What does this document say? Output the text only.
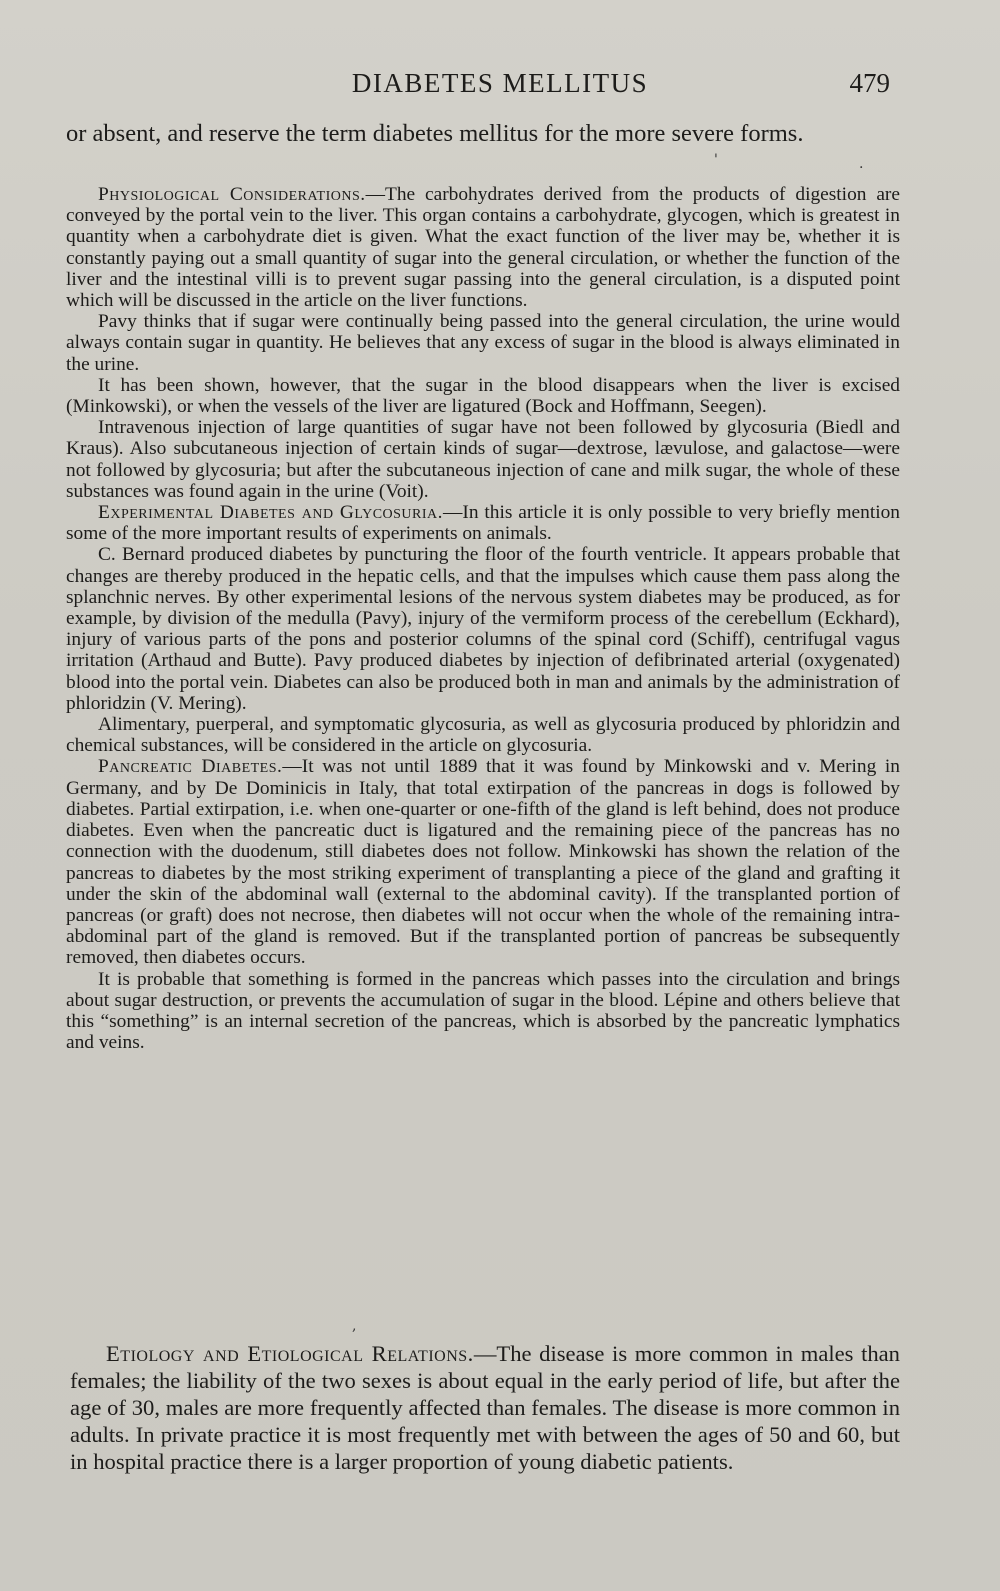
DIABETES MELLITUS	479

or absent, and reserve the term diabetes mellitus for the more severe forms.

Physiological Considerations.—The carbohydrates derived from the products of digestion are conveyed by the portal vein to the liver. This organ contains a carbohydrate, glycogen, which is greatest in quantity when a carbohydrate diet is given. What the exact function of the liver may be, whether it is constantly paying out a small quantity of sugar into the general circulation, or whether the function of the liver and the intestinal villi is to prevent sugar passing into the general circulation, is a disputed point which will be discussed in the article on the liver functions.

Pavy thinks that if sugar were continually being passed into the general circulation, the urine would always contain sugar in quantity. He believes that any excess of sugar in the blood is always eliminated in the urine.

It has been shown, however, that the sugar in the blood disappears when the liver is excised (Minkowski), or when the vessels of the liver are ligatured (Bock and Hoffmann, Seegen).

Intravenous injection of large quantities of sugar have not been followed by glycosuria (Biedl and Kraus). Also subcutaneous injection of certain kinds of sugar—dextrose, lævulose, and galactose—were not followed by glycosuria; but after the subcutaneous injection of cane and milk sugar, the whole of these substances was found again in the urine (Voit).

Experimental Diabetes and Glycosuria.—In this article it is only possible to very briefly mention some of the more important results of experiments on animals.

C. Bernard produced diabetes by puncturing the floor of the fourth ventricle. It appears probable that changes are thereby produced in the hepatic cells, and that the impulses which cause them pass along the splanchnic nerves. By other experimental lesions of the nervous system diabetes may be produced, as for example, by division of the medulla (Pavy), injury of the vermiform process of the cerebellum (Eckhard), injury of various parts of the pons and posterior columns of the spinal cord (Schiff), centrifugal vagus irritation (Arthaud and Butte). Pavy produced diabetes by injection of defibrinated arterial (oxygenated) blood into the portal vein. Diabetes can also be produced both in man and animals by the administration of phloridzin (V. Mering).

Alimentary, puerperal, and symptomatic glycosuria, as well as glycosuria produced by phloridzin and chemical substances, will be considered in the article on glycosuria.

Pancreatic Diabetes.—It was not until 1889 that it was found by Minkowski and v. Mering in Germany, and by De Dominicis in Italy, that total extirpation of the pancreas in dogs is followed by diabetes. Partial extirpation, i.e. when one-quarter or one-fifth of the gland is left behind, does not produce diabetes. Even when the pancreatic duct is ligatured and the remaining piece of the pancreas has no connection with the duodenum, still diabetes does not follow. Minkowski has shown the relation of the pancreas to diabetes by the most striking experiment of transplanting a piece of the gland and grafting it under the skin of the abdominal wall (external to the abdominal cavity). If the transplanted portion of pancreas (or graft) does not necrose, then diabetes will not occur when the whole of the remaining intra-abdominal part of the gland is removed. But if the transplanted portion of pancreas be subsequently removed, then diabetes occurs.

It is probable that something is formed in the pancreas which passes into the circulation and brings about sugar destruction, or prevents the accumulation of sugar in the blood. Lépine and others believe that this “something” is an internal secretion of the pancreas, which is absorbed by the pancreatic lymphatics and veins.

Etiology and Etiological Relations.—The disease is more common in males than females; the liability of the two sexes is about equal in the early period of life, but after the age of 30, males are more frequently affected than females. The disease is more common in adults. In private practice it is most frequently met with between the ages of 50 and 60, but in hospital practice there is a larger proportion of young diabetic patients.

'	.
,
